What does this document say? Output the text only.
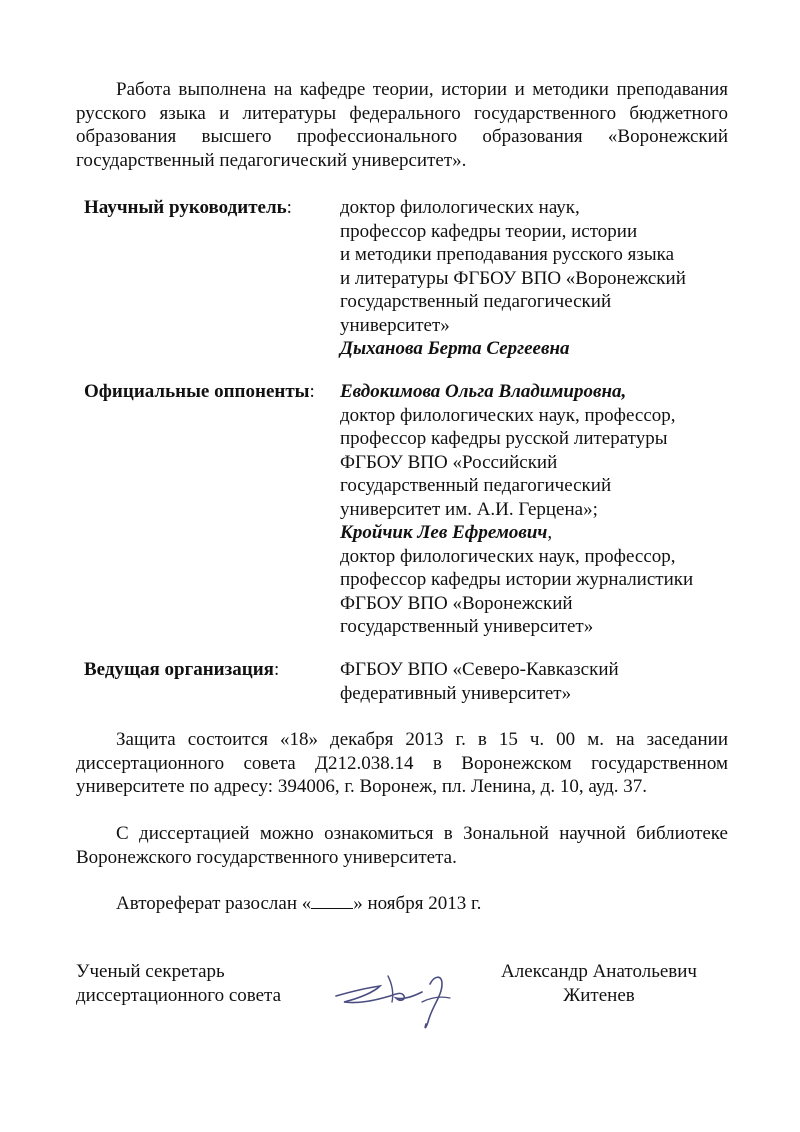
Работа выполнена на кафедре теории, истории и методики преподавания русского языка и литературы федерального государственного бюджетного образования высшего профессионального образования «Воронежский государственный педагогический университет».

Научный руководитель:	доктор филологических наук,
профессор кафедры теории, истории
и методики преподавания русского языка
и литературы ФГБОУ ВПО «Воронежский
государственный педагогический
университет»
Дыханова Берта Сергеевна
Официальные оппоненты: Евдокимова Ольга Владимировна,
доктор филологических наук, профессор,
профессор кафедры русской литературы
ФГБОУ ВПО «Российский
государственный педагогический
университет им. А.И. Герцена»;
Кройчик Лев Ефремович,
доктор филологических наук, профессор,
профессор кафедры истории журналистики
ФГБОУ ВПО «Воронежский
государственный университет»
Ведущая организация:	ФГБОУ ВПО «Северо-Кавказский
федеративный университет»

Защита состоится «18» декабря 2013 г. в 15 ч. 00 м. на заседании диссертационного совета Д212.038.14 в Воронежском государственном университете по адресу: 394006, г. Воронеж, пл. Ленина, д. 10, ауд. 37.

С диссертацией можно ознакомиться в Зональной научной библиотеке Воронежского государственного университета.

Автореферат разослан « » ноября 2013 г.

Ученый секретарь
диссертационного совета
Александр Анатольевич
Житенев
